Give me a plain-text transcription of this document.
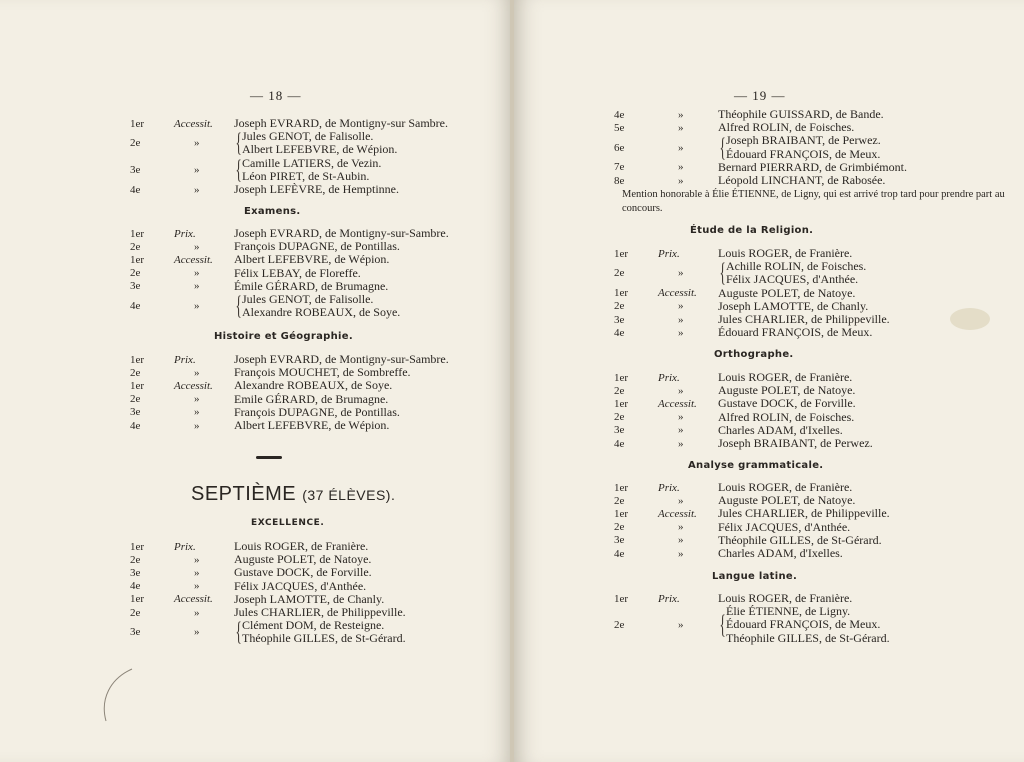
— 18 —
1er	Accessit.	Joseph EVRARD, de Montigny-sur Sambre.
2e	»	{ Jules GENOT, de Falisolle.
Albert LEFEBVRE, de Wépion.
3e	»	{ Camille LATIERS, de Vezin.
Léon PIRET, de St-Aubin.
4e	»	Joseph LEFÈVRE, de Hemptinne.
Examens.
1er	Prix.	Joseph EVRARD, de Montigny-sur-Sambre.
2e	»	François DUPAGNE, de Pontillas.
1er	Accessit.	Albert LEFEBVRE, de Wépion.
2e	»	Félix LEBAY, de Floreffe.
3e	»	Émile GÉRARD, de Brumagne.
4e	»	{ Jules GENOT, de Falisolle.
Alexandre ROBEAUX, de Soye.
Histoire et Géographie.
1er	Prix.	Joseph EVRARD, de Montigny-sur-Sambre.
2e	»	François MOUCHET, de Sombreffe.
1er	Accessit.	Alexandre ROBEAUX, de Soye.
2e	»	Emile GÉRARD, de Brumagne.
3e	»	François DUPAGNE, de Pontillas.
4e	»	Albert LEFEBVRE, de Wépion.
SEPTIÈME (37 ÉLÈVES).
EXCELLENCE.
1er	Prix.	Louis ROGER, de Franière.
2e	»	Auguste POLET, de Natoye.
3e	»	Gustave DOCK, de Forville.
4e	»	Félix JACQUES, d'Anthée.
1er	Accessit.	Joseph LAMOTTE, de Chanly.
2e	»	Jules CHARLIER, de Philippeville.
3e	»	{ Clément DOM, de Resteigne.
Théophile GILLES, de St-Gérard.
— 19 —
4e	»	Théophile GUISSARD, de Bande.
5e	»	Alfred ROLIN, de Foisches.
6e	»	{ Joseph BRAIBANT, de Perwez.
Édouard FRANÇOIS, de Meux.
7e	»	Bernard PIERRARD, de Grimbiémont.
8e	»	Léopold LINCHANT, de Rabosée.
Mention honorable à Élie ÉTIENNE, de Ligny, qui est arrivé trop tard pour prendre part au concours.
Étude de la Religion.
1er	Prix.	Louis ROGER, de Franière.
2e	»	{ Achille ROLIN, de Foisches.
Félix JACQUES, d'Anthée.
1er	Accessit.	Auguste POLET, de Natoye.
2e	»	Joseph LAMOTTE, de Chanly.
3e	»	Jules CHARLIER, de Philippeville.
4e	»	Édouard FRANÇOIS, de Meux.
Orthographe.
1er	Prix.	Louis ROGER, de Franière.
2e	»	Auguste POLET, de Natoye.
1er	Accessit.	Gustave DOCK, de Forville.
2e	»	Alfred ROLIN, de Foisches.
3e	»	Charles ADAM, d'Ixelles.
4e	»	Joseph BRAIBANT, de Perwez.
Analyse grammaticale.
1er	Prix.	Louis ROGER, de Franière.
2e	»	Auguste POLET, de Natoye.
1er	Accessit.	Jules CHARLIER, de Philippeville.
2e	»	Félix JACQUES, d'Anthée.
3e	»	Théophile GILLES, de St-Gérard.
4e	»	Charles ADAM, d'Ixelles.
Langue latine.
1er	Prix.	Louis ROGER, de Franière.
2e	»	{ Élie ÉTIENNE, de Ligny.
Édouard FRANÇOIS, de Meux.
Théophile GILLES, de St-Gérard.
